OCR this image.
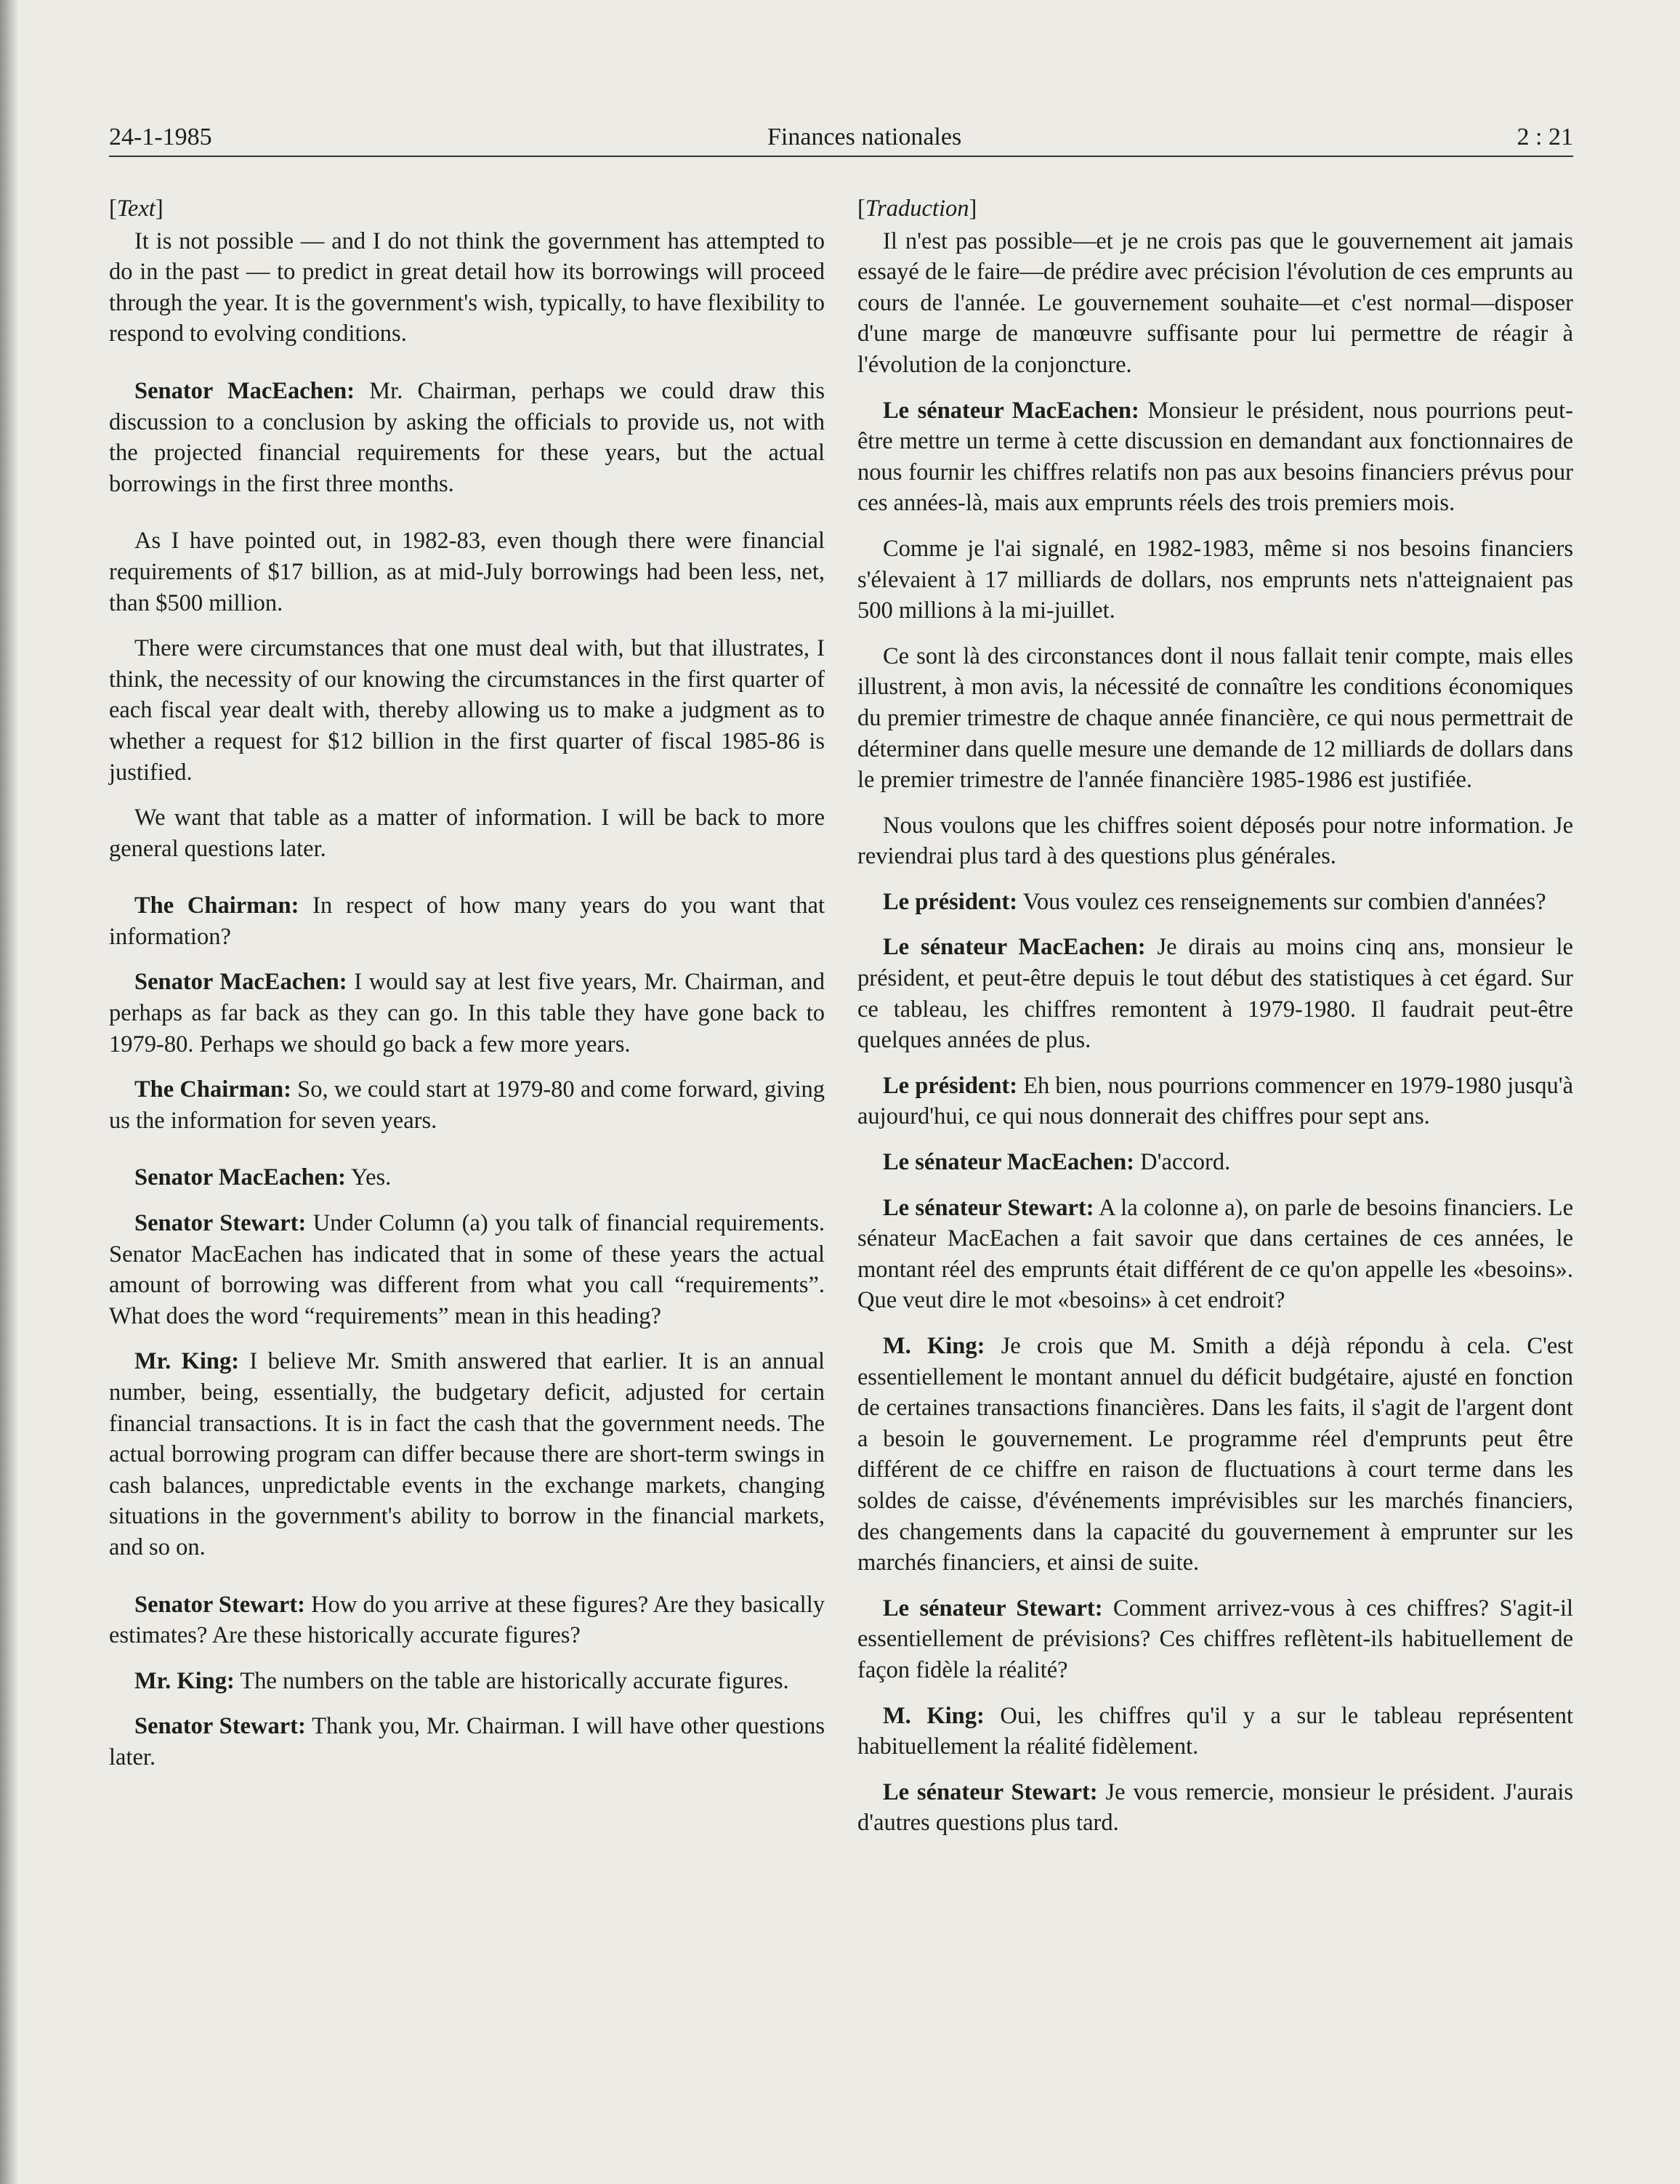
24-1-1985	Finances nationales	2 : 21
[Text]

It is not possible — and I do not think the government has attempted to do in the past — to predict in great detail how its borrowings will proceed through the year. It is the government's wish, typically, to have flexibility to respond to evolving conditions.

Senator MacEachen: Mr. Chairman, perhaps we could draw this discussion to a conclusion by asking the officials to provide us, not with the projected financial requirements for these years, but the actual borrowings in the first three months.

As I have pointed out, in 1982-83, even though there were financial requirements of $17 billion, as at mid-July borrowings had been less, net, than $500 million.

There were circumstances that one must deal with, but that illustrates, I think, the necessity of our knowing the circumstances in the first quarter of each fiscal year dealt with, thereby allowing us to make a judgment as to whether a request for $12 billion in the first quarter of fiscal 1985-86 is justified.

We want that table as a matter of information. I will be back to more general questions later.

The Chairman: In respect of how many years do you want that information?

Senator MacEachen: I would say at lest five years, Mr. Chairman, and perhaps as far back as they can go. In this table they have gone back to 1979-80. Perhaps we should go back a few more years.

The Chairman: So, we could start at 1979-80 and come forward, giving us the information for seven years.

Senator MacEachen: Yes.

Senator Stewart: Under Column (a) you talk of financial requirements. Senator MacEachen has indicated that in some of these years the actual amount of borrowing was different from what you call “requirements”. What does the word “requirements” mean in this heading?

Mr. King: I believe Mr. Smith answered that earlier. It is an annual number, being, essentially, the budgetary deficit, adjusted for certain financial transactions. It is in fact the cash that the government needs. The actual borrowing program can differ because there are short-term swings in cash balances, unpredictable events in the exchange markets, changing situations in the government's ability to borrow in the financial markets, and so on.

Senator Stewart: How do you arrive at these figures? Are they basically estimates? Are these historically accurate figures?

Mr. King: The numbers on the table are historically accurate figures.

Senator Stewart: Thank you, Mr. Chairman. I will have other questions later.

[Traduction]

Il n'est pas possible—et je ne crois pas que le gouvernement ait jamais essayé de le faire—de prédire avec précision l'évolution de ces emprunts au cours de l'année. Le gouvernement souhaite—et c'est normal—disposer d'une marge de manœuvre suffisante pour lui permettre de réagir à l'évolution de la conjoncture.

Le sénateur MacEachen: Monsieur le président, nous pourrions peut-être mettre un terme à cette discussion en demandant aux fonctionnaires de nous fournir les chiffres relatifs non pas aux besoins financiers prévus pour ces années-là, mais aux emprunts réels des trois premiers mois.

Comme je l'ai signalé, en 1982-1983, même si nos besoins financiers s'élevaient à 17 milliards de dollars, nos emprunts nets n'atteignaient pas 500 millions à la mi-juillet.

Ce sont là des circonstances dont il nous fallait tenir compte, mais elles illustrent, à mon avis, la nécessité de connaître les conditions économiques du premier trimestre de chaque année financière, ce qui nous permettrait de déterminer dans quelle mesure une demande de 12 milliards de dollars dans le premier trimestre de l'année financière 1985-1986 est justifiée.

Nous voulons que les chiffres soient déposés pour notre information. Je reviendrai plus tard à des questions plus générales.

Le président: Vous voulez ces renseignements sur combien d'années?

Le sénateur MacEachen: Je dirais au moins cinq ans, monsieur le président, et peut-être depuis le tout début des statistiques à cet égard. Sur ce tableau, les chiffres remontent à 1979-1980. Il faudrait peut-être quelques années de plus.

Le président: Eh bien, nous pourrions commencer en 1979-1980 jusqu'à aujourd'hui, ce qui nous donnerait des chiffres pour sept ans.

Le sénateur MacEachen: D'accord.

Le sénateur Stewart: A la colonne a), on parle de besoins financiers. Le sénateur MacEachen a fait savoir que dans certaines de ces années, le montant réel des emprunts était différent de ce qu'on appelle les «besoins». Que veut dire le mot «besoins» à cet endroit?

M. King: Je crois que M. Smith a déjà répondu à cela. C'est essentiellement le montant annuel du déficit budgétaire, ajusté en fonction de certaines transactions financières. Dans les faits, il s'agit de l'argent dont a besoin le gouvernement. Le programme réel d'emprunts peut être différent de ce chiffre en raison de fluctuations à court terme dans les soldes de caisse, d'événements imprévisibles sur les marchés financiers, des changements dans la capacité du gouvernement à emprunter sur les marchés financiers, et ainsi de suite.

Le sénateur Stewart: Comment arrivez-vous à ces chiffres? S'agit-il essentiellement de prévisions? Ces chiffres reflètent-ils habituellement de façon fidèle la réalité?

M. King: Oui, les chiffres qu'il y a sur le tableau représentent habituellement la réalité fidèlement.

Le sénateur Stewart: Je vous remercie, monsieur le président. J'aurais d'autres questions plus tard.
